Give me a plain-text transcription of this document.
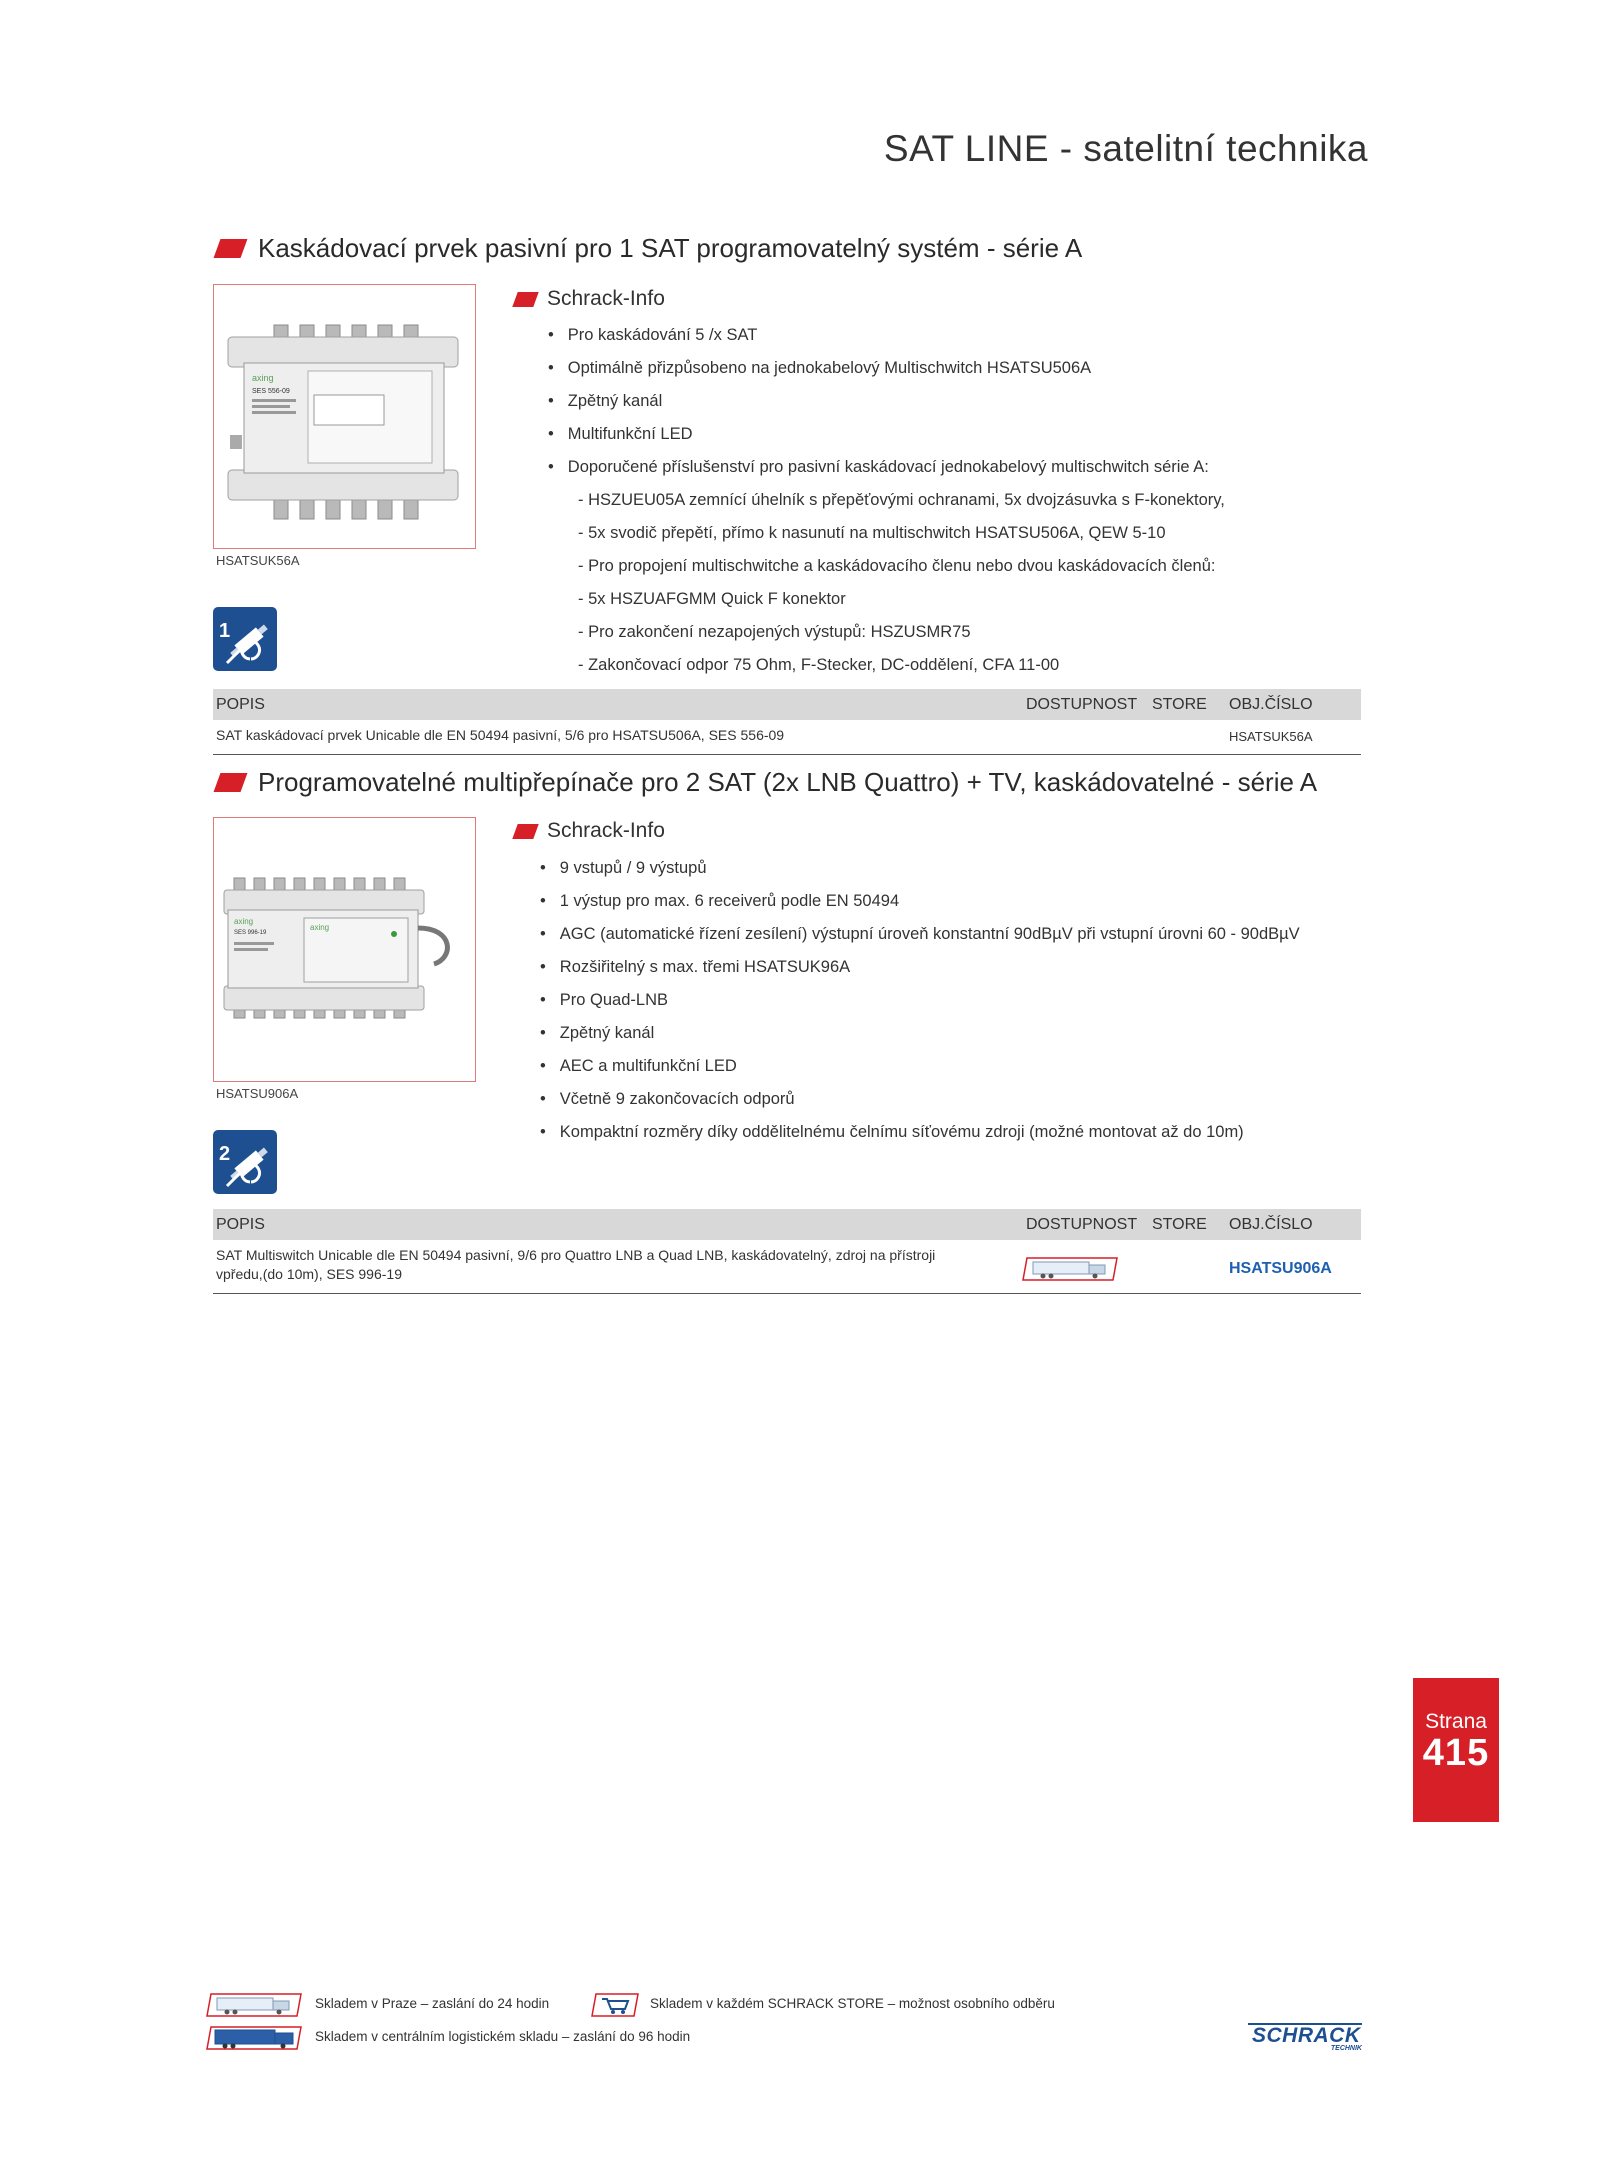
SAT LINE - satelitní technika
Kaskádovací prvek pasivní pro 1 SAT programovatelný systém - série A
axing
SES 556-09
HSATSUK56A
1
Schrack-Info
• Pro kaskádování 5 /x SAT
• Optimálně přizpůsobeno na jednokabelový Multischwitch HSATSU506A
• Zpětný kanál
• Multifunkční LED
• Doporučené příslušenství pro pasivní kaskádovací jednokabelový multischwitch série A:
- HSZUEU05A zemnící úhelník s přepěťovými ochranami, 5x dvojzásuvka s F-konektory,
- 5x svodič přepětí, přímo k nasunutí na multischwitch HSATSU506A, QEW 5-10
- Pro propojení multischwitche a kaskádovacího členu nebo dvou kaskádovacích členů:
- 5x HSZUAFGMM Quick F konektor
- Pro zakončení nezapojených výstupů: HSZUSMR75
- Zakončovací odpor 75 Ohm, F-Stecker, DC-oddělení, CFA 11-00
POPIS	DOSTUPNOST STORE OBJ.ČÍSLO
SAT kaskádovací prvek Unicable dle EN 50494 pasivní, 5/6 pro HSATSU506A, SES 556-09	HSATSUK56A
Programovatelné multipřepínače pro 2 SAT (2x LNB Quattro) + TV, kaskádovatelné - série A
axing
axing
SES 996-19
HSATSU906A
2
Schrack-Info
• 9 vstupů / 9 výstupů
• 1 výstup pro max. 6 receiverů podle EN 50494
• AGC (automatické řízení zesílení) výstupní úroveň konstantní 90dBµV při vstupní úrovni 60 - 90dBµV
• Rozšiřitelný s max. třemi HSATSUK96A
• Pro Quad-LNB
• Zpětný kanál
• AEC a multifunkční LED
• Včetně 9 zakončovacích odporů
• Kompaktní rozměry díky oddělitelnému čelnímu síťovému zdroji (možné montovat až do 10m)
POPIS	DOSTUPNOST STORE OBJ.ČÍSLO
SAT Multiswitch Unicable dle EN 50494 pasivní, 9/6 pro Quattro LNB a Quad LNB, kaskádovatelný, zdroj na přístroji
vpředu,(do 10m), SES 996-19	HSATSU906A
Strana
415
Skladem v Praze – zaslání do 24 hodin	Skladem v každém SCHRACK STORE – možnost osobního odběru
Skladem v centrálním logistickém skladu – zaslání do 96 hodin	SCHRACK
TECHNIK
